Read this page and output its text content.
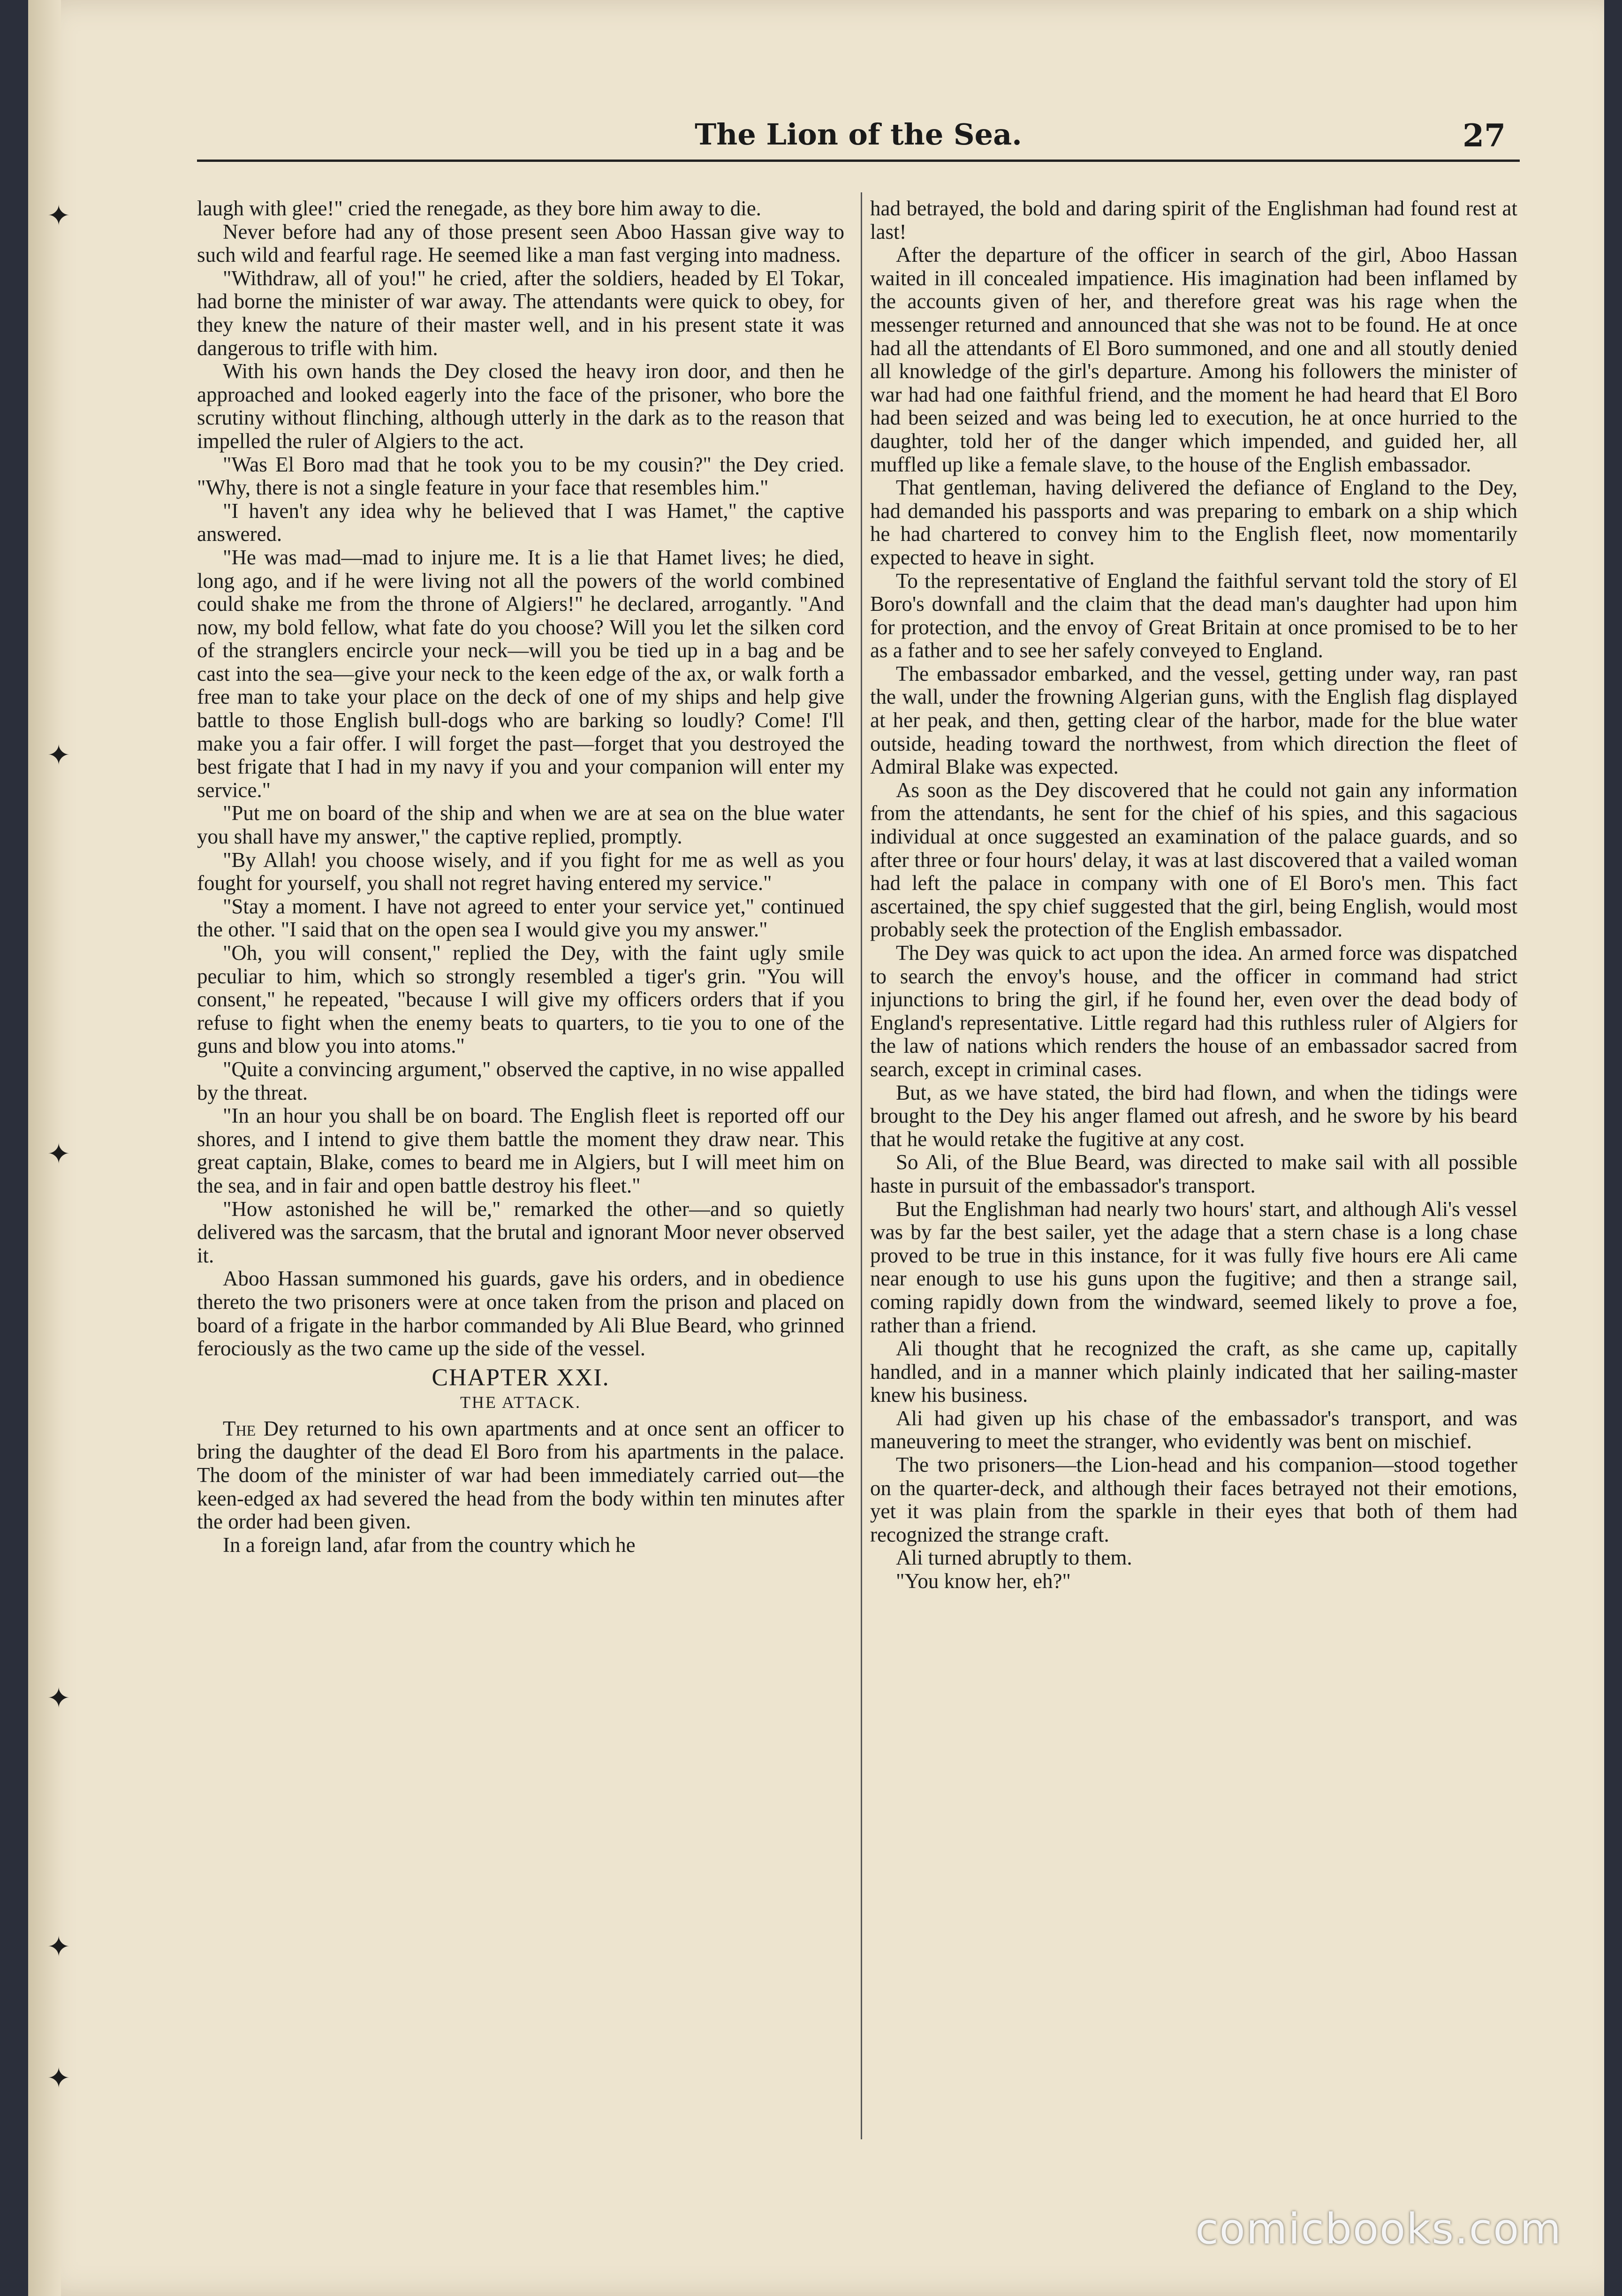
✦
✦
✦
✦
✦
✦
The Lion of the Sea.	27

laugh with glee!" cried the renegade, as they bore him away to die.

Never before had any of those present seen Aboo Hassan give way to such wild and fearful rage. He seemed like a man fast verging into madness.

"Withdraw, all of you!" he cried, after the soldiers, headed by El Tokar, had borne the minister of war away. The attendants were quick to obey, for they knew the nature of their master well, and in his present state it was dangerous to trifle with him.

With his own hands the Dey closed the heavy iron door, and then he approached and looked eagerly into the face of the prisoner, who bore the scrutiny without flinching, although utterly in the dark as to the reason that impelled the ruler of Algiers to the act.

"Was El Boro mad that he took you to be my cousin?" the Dey cried. "Why, there is not a single feature in your face that resembles him."

"I haven't any idea why he believed that I was Hamet," the captive answered.

"He was mad—mad to injure me. It is a lie that Hamet lives; he died, long ago, and if he were living not all the powers of the world combined could shake me from the throne of Algiers!" he declared, arrogantly. "And now, my bold fellow, what fate do you choose? Will you let the silken cord of the stranglers encircle your neck—will you be tied up in a bag and be cast into the sea—give your neck to the keen edge of the ax, or walk forth a free man to take your place on the deck of one of my ships and help give battle to those English bull-dogs who are barking so loudly? Come! I'll make you a fair offer. I will forget the past—forget that you destroyed the best frigate that I had in my navy if you and your companion will enter my service."

"Put me on board of the ship and when we are at sea on the blue water you shall have my answer," the captive replied, promptly.

"By Allah! you choose wisely, and if you fight for me as well as you fought for yourself, you shall not regret having entered my service."

"Stay a moment. I have not agreed to enter your service yet," continued the other. "I said that on the open sea I would give you my answer."

"Oh, you will consent," replied the Dey, with the faint ugly smile peculiar to him, which so strongly resembled a tiger's grin. "You will consent," he repeated, "because I will give my officers orders that if you refuse to fight when the enemy beats to quarters, to tie you to one of the guns and blow you into atoms."

"Quite a convincing argument," observed the captive, in no wise appalled by the threat.

"In an hour you shall be on board. The English fleet is reported off our shores, and I intend to give them battle the moment they draw near. This great captain, Blake, comes to beard me in Algiers, but I will meet him on the sea, and in fair and open battle destroy his fleet."

"How astonished he will be," remarked the other—and so quietly delivered was the sarcasm, that the brutal and ignorant Moor never observed it.

Aboo Hassan summoned his guards, gave his orders, and in obedience thereto the two prisoners were at once taken from the prison and placed on board of a frigate in the harbor commanded by Ali Blue Beard, who grinned ferociously as the two came up the side of the vessel.

CHAPTER XXI.
THE ATTACK.

The Dey returned to his own apartments and at once sent an officer to bring the daughter of the dead El Boro from his apartments in the palace. The doom of the minister of war had been immediately carried out—the keen-edged ax had severed the head from the body within ten minutes after the order had been given.

In a foreign land, afar from the country which he

had betrayed, the bold and daring spirit of the Englishman had found rest at last!

After the departure of the officer in search of the girl, Aboo Hassan waited in ill concealed impatience. His imagination had been inflamed by the accounts given of her, and therefore great was his rage when the messenger returned and announced that she was not to be found. He at once had all the attendants of El Boro summoned, and one and all stoutly denied all knowledge of the girl's departure. Among his followers the minister of war had had one faithful friend, and the moment he had heard that El Boro had been seized and was being led to execution, he at once hurried to the daughter, told her of the danger which impended, and guided her, all muffled up like a female slave, to the house of the English embassador.

That gentleman, having delivered the defiance of England to the Dey, had demanded his passports and was preparing to embark on a ship which he had chartered to convey him to the English fleet, now momentarily expected to heave in sight.

To the representative of England the faithful servant told the story of El Boro's downfall and the claim that the dead man's daughter had upon him for protection, and the envoy of Great Britain at once promised to be to her as a father and to see her safely conveyed to England.

The embassador embarked, and the vessel, getting under way, ran past the wall, under the frowning Algerian guns, with the English flag displayed at her peak, and then, getting clear of the harbor, made for the blue water outside, heading toward the northwest, from which direction the fleet of Admiral Blake was expected.

As soon as the Dey discovered that he could not gain any information from the attendants, he sent for the chief of his spies, and this sagacious individual at once suggested an examination of the palace guards, and so after three or four hours' delay, it was at last discovered that a vailed woman had left the palace in company with one of El Boro's men. This fact ascertained, the spy chief suggested that the girl, being English, would most probably seek the protection of the English embassador.

The Dey was quick to act upon the idea. An armed force was dispatched to search the envoy's house, and the officer in command had strict injunctions to bring the girl, if he found her, even over the dead body of England's representative. Little regard had this ruthless ruler of Algiers for the law of nations which renders the house of an embassador sacred from search, except in criminal cases.

But, as we have stated, the bird had flown, and when the tidings were brought to the Dey his anger flamed out afresh, and he swore by his beard that he would retake the fugitive at any cost.

So Ali, of the Blue Beard, was directed to make sail with all possible haste in pursuit of the embassador's transport.

But the Englishman had nearly two hours' start, and although Ali's vessel was by far the best sailer, yet the adage that a stern chase is a long chase proved to be true in this instance, for it was fully five hours ere Ali came near enough to use his guns upon the fugitive; and then a strange sail, coming rapidly down from the windward, seemed likely to prove a foe, rather than a friend.

Ali thought that he recognized the craft, as she came up, capitally handled, and in a manner which plainly indicated that her sailing-master knew his business.

Ali had given up his chase of the embassador's transport, and was maneuvering to meet the stranger, who evidently was bent on mischief.

The two prisoners—the Lion-head and his companion—stood together on the quarter-deck, and although their faces betrayed not their emotions, yet it was plain from the sparkle in their eyes that both of them had recognized the strange craft.

Ali turned abruptly to them.

"You know her, eh?"

comicbooks.com
